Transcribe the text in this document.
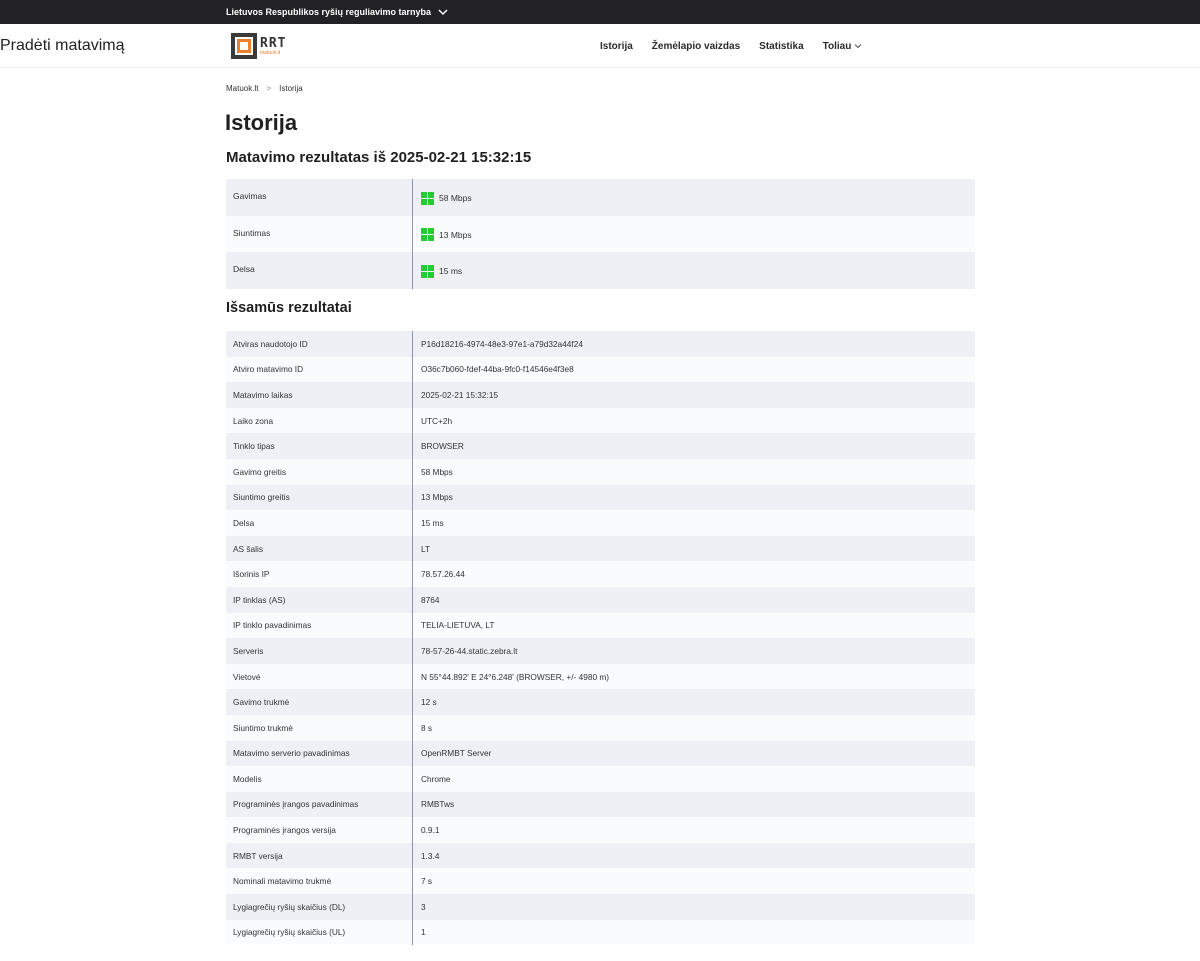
Lietuvos Respublikos ryšių reguliavimo tarnyba
RRT
matuok.lt
Istorija Žemėlapio vaizdas Statistika Toliau
Pradėti matavimą
Matuok.lt > Istorija
Istorija
Matavimo rezultatas iš 2025-02-21 15:32:15
Gavimas	58 Mbps
Siuntimas	13 Mbps
Delsa	15 ms
Išsamūs rezultatai
Atviras naudotojo ID	P16d18216-4974-48e3-97e1-a79d32a44f24
Atviro matavimo ID	O36c7b060-fdef-44ba-9fc0-f14546e4f3e8
Matavimo laikas	2025-02-21 15:32:15
Laiko zona	UTC+2h
Tinklo tipas	BROWSER
Gavimo greitis	58 Mbps
Siuntimo greitis	13 Mbps
Delsa	15 ms
AS šalis	LT
Išorinis IP	78.57.26.44
IP tinklas (AS)	8764
IP tinklo pavadinimas	TELIA-LIETUVA, LT
Serveris	78-57-26-44.static.zebra.lt
Vietovė	N 55°44.892' E 24°6.248' (BROWSER, +/- 4980 m)
Gavimo trukmė	12 s
Siuntimo trukmė	8 s
Matavimo serverio pavadinimas	OpenRMBT Server
Modelis	Chrome
Programinės įrangos pavadinimas	RMBTws
Programinės įrangos versija	0.9.1
RMBT versija	1.3.4
Nominali matavimo trukmė	7 s
Lygiagrečių ryšių skaičius (DL)	3
Lygiagrečių ryšių skaičius (UL)	1
